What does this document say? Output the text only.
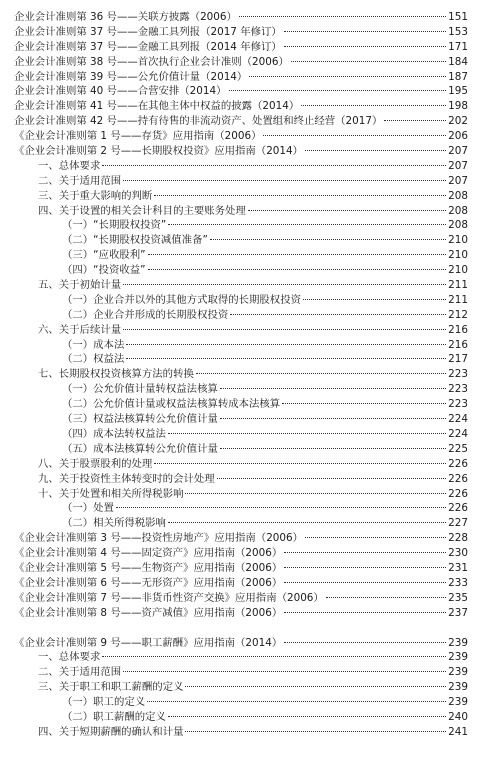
企业会计准则第 36 号——关联方披露（2006）	151
企业会计准则第 37 号——金融工具列报（2017 年修订）	153
企业会计准则第 37 号——金融工具列报（2014 年修订）	171
企业会计准则第 38 号——首次执行企业会计准则（2006）	184
企业会计准则第 39 号——公允价值计量（2014）	187
企业会计准则第 40 号——合营安排（2014）	195
企业会计准则第 41 号——在其他主体中权益的披露（2014）	198
企业会计准则第 42 号——持有待售的非流动资产、处置组和终止经营（2017）	202
《企业会计准则第 1 号——存货》应用指南（2006）	206
《企业会计准则第 2 号——长期股权投资》应用指南（2014）	207
一、总体要求	207
二、关于适用范围	207
三、关于重大影响的判断	208
四、关于设置的相关会计科目的主要账务处理	208
（一）“长期股权投资”	208
（二）“长期股权投资减值准备”	210
（三）“应收股利”	210
（四）“投资收益”	210
五、关于初始计量	211
（一）企业合并以外的其他方式取得的长期股权投资	211
（二）企业合并形成的长期股权投资	212
六、关于后续计量	216
（一）成本法	216
（二）权益法	217
七、长期股权投资核算方法的转换	223
（一）公允价值计量转权益法核算	223
（二）公允价值计量或权益法核算转成本法核算	223
（三）权益法核算转公允价值计量	224
（四）成本法转权益法	224
（五）成本法核算转公允价值计量	225
八、关于股票股利的处理	226
九、关于投资性主体转变时的会计处理	226
十、关于处置和相关所得税影响	226
（一）处置	226
（二）相关所得税影响	227
《企业会计准则第 3 号——投资性房地产》应用指南（2006）	228
《企业会计准则第 4 号——固定资产》应用指南（2006）	230
《企业会计准则第 5 号——生物资产》应用指南（2006）	231
《企业会计准则第 6 号——无形资产》应用指南（2006）	233
《企业会计准则第 7 号——非货币性资产交换》应用指南（2006）	235
《企业会计准则第 8 号——资产减值》应用指南（2006）	237
《企业会计准则第 9 号——职工薪酬》应用指南（2014）	239
一、总体要求	239
二、关于适用范围	239
三、关于职工和职工薪酬的定义	239
（一）职工的定义	239
（二）职工薪酬的定义	240
四、关于短期薪酬的确认和计量	241
